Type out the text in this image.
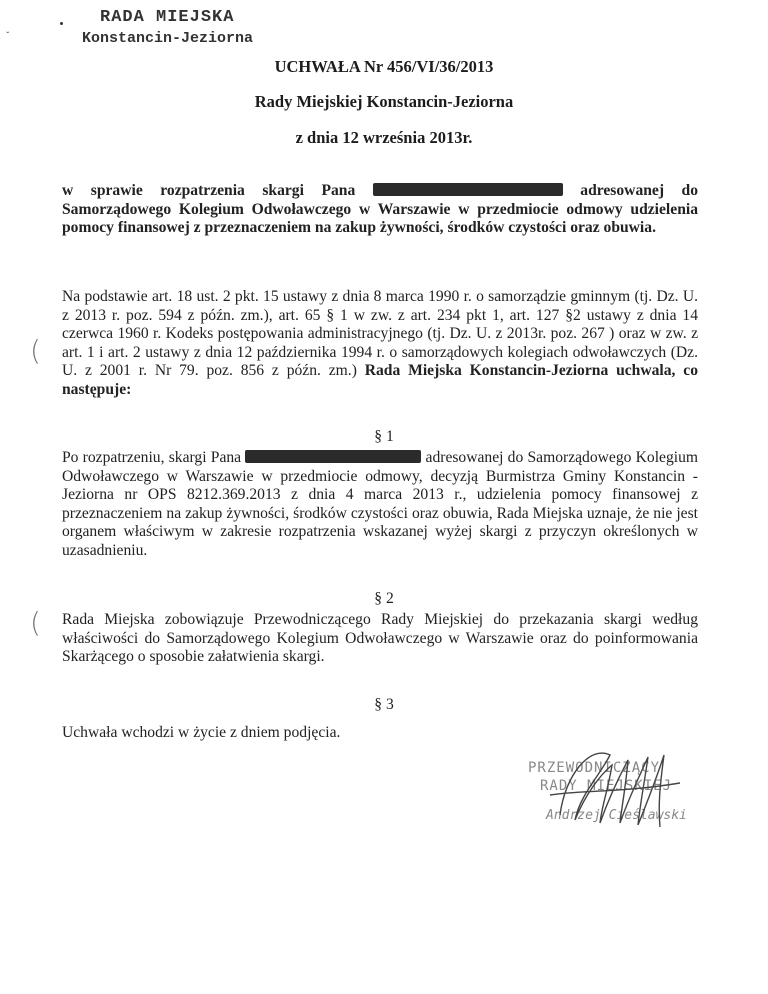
RADA MIEJSKA
Konstancin-Jeziorna
ˇ
UCHWAŁA Nr 456/VI/36/2013
Rady Miejskiej Konstancin-Jeziorna
z dnia 12 września 2013r.
w sprawie rozpatrzenia skargi Pana	adresowanej do Samorządowego Kolegium Odwoławczego w Warszawie w przedmiocie odmowy udzielenia pomocy finansowej z przeznaczeniem na zakup żywności, środków czystości oraz obuwia.
Na podstawie art. 18 ust. 2 pkt. 15 ustawy z dnia 8 marca 1990 r. o samorządzie gminnym (tj. Dz. U. z 2013 r. poz. 594 z późn. zm.), art. 65 § 1 w zw. z art. 234 pkt 1, art. 127 §2 ustawy z dnia 14 czerwca 1960 r. Kodeks postępowania administracyjnego (tj. Dz. U. z 2013r. poz. 267 ) oraz w zw. z art. 1 i art. 2 ustawy z dnia 12 października 1994 r. o samorządowych kolegiach odwoławczych (Dz. U. z 2001 r. Nr 79. poz. 856 z późn. zm.) Rada Miejska Konstancin-Jeziorna uchwala, co następuje:
(
§ 1
Po rozpatrzeniu, skargi Pana	adresowanej do Samorządowego Kolegium Odwoławczego w Warszawie w przedmiocie odmowy, decyzją Burmistrza Gminy Konstancin -Jeziorna nr OPS 8212.369.2013 z dnia 4 marca 2013 r., udzielenia pomocy finansowej z przeznaczeniem na zakup żywności, środków czystości oraz obuwia, Rada Miejska uznaje, że nie jest organem właściwym w zakresie rozpatrzenia wskazanej wyżej skargi z przyczyn określonych w uzasadnieniu.
§ 2
( Rada Miejska zobowiązuje Przewodniczącego Rady Miejskiej do przekazania skargi według właściwości do Samorządowego Kolegium Odwoławczego w Warszawie oraz do poinformowania Skarżącego o sposobie załatwienia skargi.
§ 3
Uchwała wchodzi w życie z dniem podjęcia.
PRZEWODNICZĄCY
RADY MIEJSKIEJ
Andrzej Cieślawski
